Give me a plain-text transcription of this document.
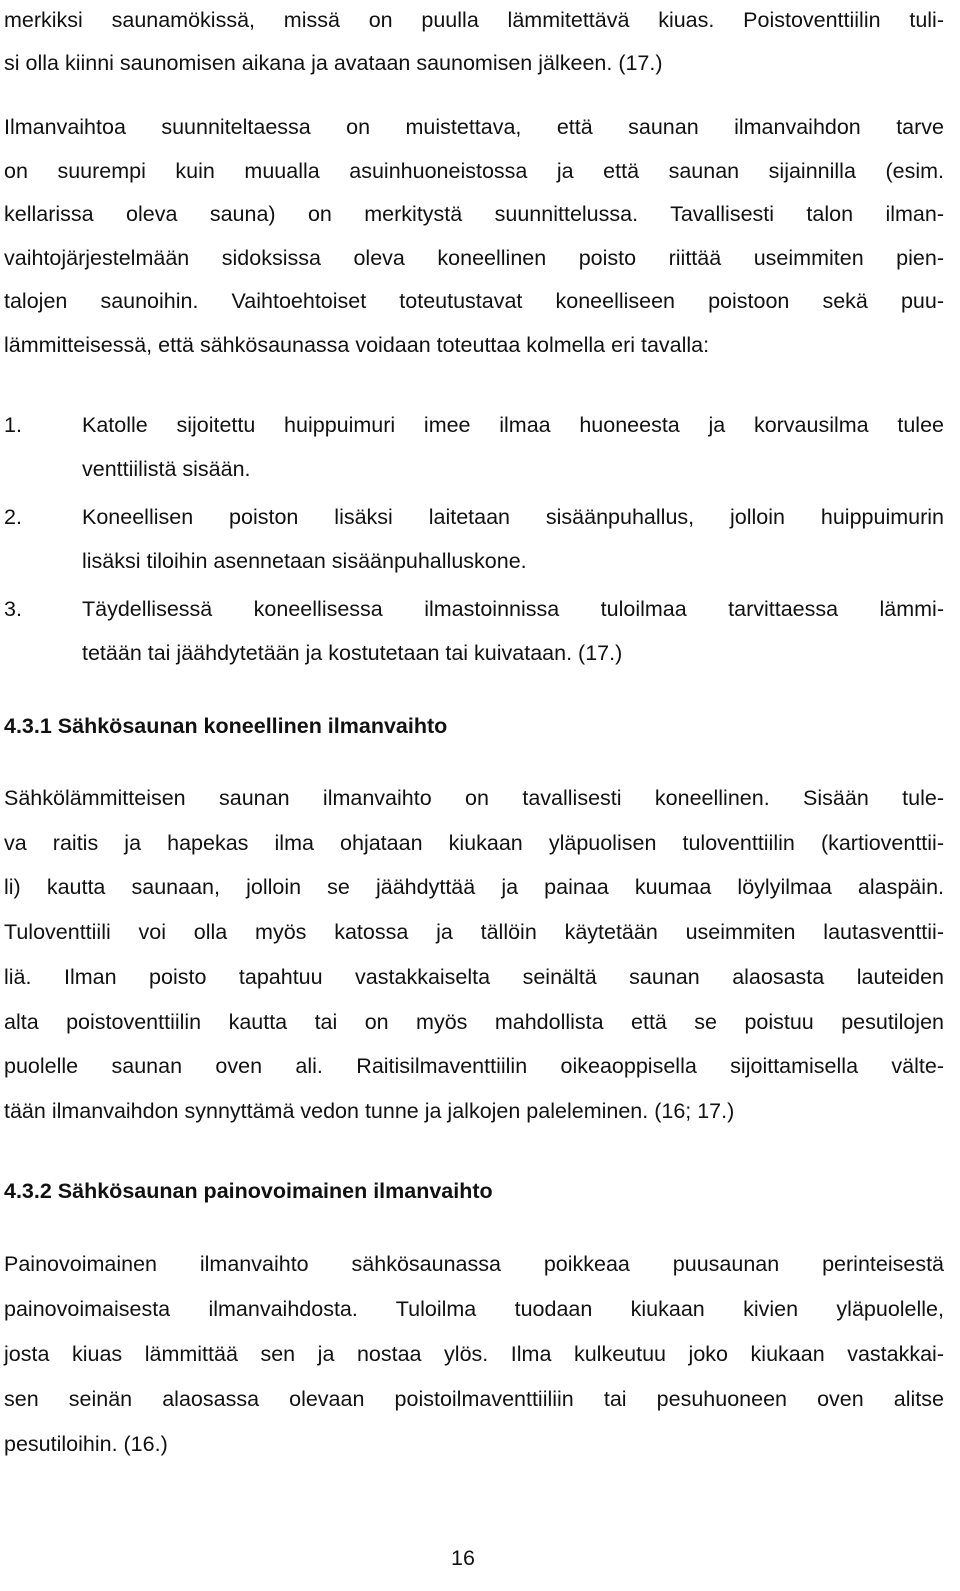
merkiksi saunamökissä, missä on puulla lämmitettävä kiuas. Poistoventtiilin tuli-
si olla kiinni saunomisen aikana ja avataan saunomisen jälkeen. (17.)
Ilmanvaihtoa suunniteltaessa on muistettava, että saunan ilmanvaihdon tarve
on suurempi kuin muualla asuinhuoneistossa ja että saunan sijainnilla (esim.
kellarissa oleva sauna) on merkitystä suunnittelussa. Tavallisesti talon ilman-
vaihtojärjestelmään sidoksissa oleva koneellinen poisto riittää useimmiten pien-
talojen saunoihin. Vaihtoehtoiset toteutustavat koneelliseen poistoon sekä puu-
lämmitteisessä, että sähkösaunassa voidaan toteuttaa kolmella eri tavalla:
1.	Katolle sijoitettu huippuimuri imee ilmaa huoneesta ja korvausilma tulee
venttiilistä sisään.
2.	Koneellisen poiston lisäksi laitetaan sisäänpuhallus, jolloin huippuimurin
lisäksi tiloihin asennetaan sisäänpuhalluskone.
3.	Täydellisessä koneellisessa ilmastoinnissa tuloilmaa tarvittaessa lämmi-
tetään tai jäähdytetään ja kostutetaan tai kuivataan. (17.)
4.3.1 Sähkösaunan koneellinen ilmanvaihto
Sähkölämmitteisen saunan ilmanvaihto on tavallisesti koneellinen. Sisään tule-
va raitis ja hapekas ilma ohjataan kiukaan yläpuolisen tuloventtiilin (kartioventtii-
li) kautta saunaan, jolloin se jäähdyttää ja painaa kuumaa löylyilmaa alaspäin.
Tuloventtiili voi olla myös katossa ja tällöin käytetään useimmiten lautasventtii-
liä. Ilman poisto tapahtuu vastakkaiselta seinältä saunan alaosasta lauteiden
alta poistoventtiilin kautta tai on myös mahdollista että se poistuu pesutilojen
puolelle saunan oven ali. Raitisilmaventtiilin oikeaoppisella sijoittamisella välte-
tään ilmanvaihdon synnyttämä vedon tunne ja jalkojen paleleminen. (16; 17.)
4.3.2 Sähkösaunan painovoimainen ilmanvaihto
Painovoimainen ilmanvaihto sähkösaunassa poikkeaa puusaunan perinteisestä
painovoimaisesta ilmanvaihdosta. Tuloilma tuodaan kiukaan kivien yläpuolelle,
josta kiuas lämmittää sen ja nostaa ylös. Ilma kulkeutuu joko kiukaan vastakkai-
sen seinän alaosassa olevaan poistoilmaventtiiliin tai pesuhuoneen oven alitse
pesutiloihin. (16.)
16
